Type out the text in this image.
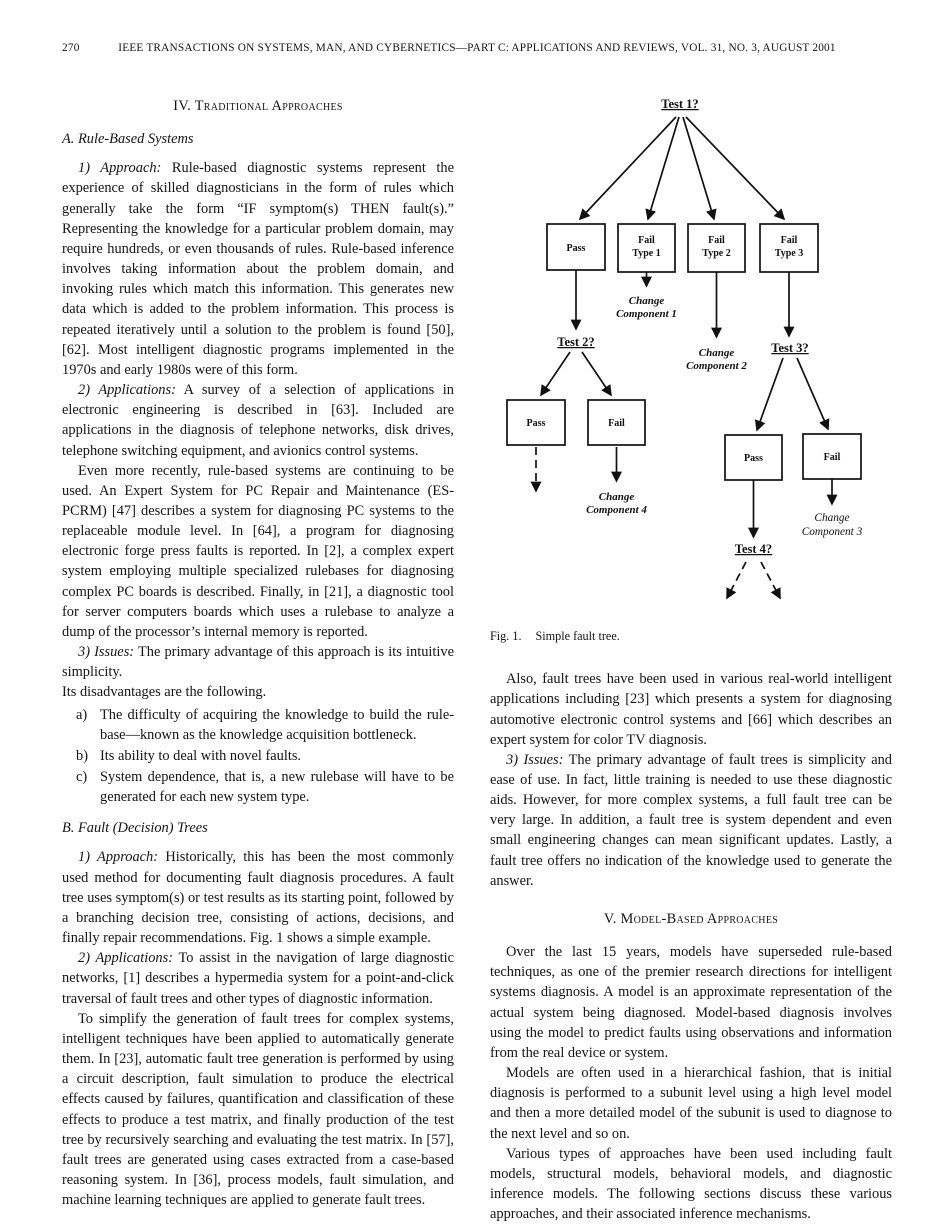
270	IEEE TRANSACTIONS ON SYSTEMS, MAN, AND CYBERNETICS—PART C: APPLICATIONS AND REVIEWS, VOL. 31, NO. 3, AUGUST 2001
IV. Traditional Approaches
A. Rule-Based Systems

1) Approach: Rule-based diagnostic systems represent the experience of skilled diagnosticians in the form of rules which generally take the form “IF symptom(s) THEN fault(s).” Representing the knowledge for a particular problem domain, may require hundreds, or even thousands of rules. Rule-based inference involves taking information about the problem domain, and invoking rules which match this information. This generates new data which is added to the problem information. This process is repeated iteratively until a solution to the problem is found [50], [62]. Most intelligent diagnostic programs implemented in the 1970s and early 1980s were of this form.

2) Applications: A survey of a selection of applications in electronic engineering is described in [63]. Included are applications in the diagnosis of telephone networks, disk drives, telephone switching equipment, and avionics control systems.

Even more recently, rule-based systems are continuing to be used. An Expert System for PC Repair and Maintenance (ES-PCRM) [47] describes a system for diagnosing PC systems to the replaceable module level. In [64], a program for diagnosing electronic forge press faults is reported. In [2], a complex expert system employing multiple specialized rulebases for diagnosing complex PC boards is described. Finally, in [21], a diagnostic tool for server computers boards which uses a rulebase to analyze a dump of the processor’s internal memory is reported.

3) Issues: The primary advantage of this approach is its intuitive simplicity.

Its disadvantages are the following.

a) The difficulty of acquiring the knowledge to build the rule-base—known as the knowledge acquisition bottleneck.
b) Its ability to deal with novel faults.
c) System dependence, that is, a new rulebase will have to be generated for each new system type.
B. Fault (Decision) Trees

1) Approach: Historically, this has been the most commonly used method for documenting fault diagnosis procedures. A fault tree uses symptom(s) or test results as its starting point, followed by a branching decision tree, consisting of actions, decisions, and finally repair recommendations. Fig. 1 shows a simple example.

2) Applications: To assist in the navigation of large diagnostic networks, [1] describes a hypermedia system for a point-and-click traversal of fault trees and other types of diagnostic information.

To simplify the generation of fault trees for complex systems, intelligent techniques have been applied to automatically generate them. In [23], automatic fault tree generation is performed by using a circuit description, fault simulation to produce the electrical effects caused by failures, quantification and classification of these effects to produce a test matrix, and finally production of the test tree by recursively searching and evaluating the test matrix. In [57], fault trees are generated using cases extracted from a case-based reasoning system. In [36], process models, fault simulation, and machine learning techniques are applied to generate fault trees.

Test 1?
Pass
Fail
Type 1
Fail
Type 2
Fail
Type 3
Change
Component 1
Test 2?
Change
Component 2
Test 3?
Pass	Fail
Change
Component 4
Pass	Fail
Test 4?
Change
Component 3
Fig. 1. Simple fault tree.

Also, fault trees have been used in various real-world intelligent applications including [23] which presents a system for diagnosing automotive electronic control systems and [66] which describes an expert system for color TV diagnosis.

3) Issues: The primary advantage of fault trees is simplicity and ease of use. In fact, little training is needed to use these diagnostic aids. However, for more complex systems, a full fault tree can be very large. In addition, a fault tree is system dependent and even small engineering changes can mean significant updates. Lastly, a fault tree offers no indication of the knowledge used to generate the answer.

V. Model-Based Approaches

Over the last 15 years, models have superseded rule-based techniques, as one of the premier research directions for intelligent systems diagnosis. A model is an approximate representation of the actual system being diagnosed. Model-based diagnosis involves using the model to predict faults using observations and information from the real device or system.

Models are often used in a hierarchical fashion, that is initial diagnosis is performed to a subunit level using a high level model and then a more detailed model of the subunit is used to diagnose to the next level and so on.

Various types of approaches have been used including fault models, structural models, behavioral models, and diagnostic inference models. The following sections discuss these various approaches, and their associated inference mechanisms.
